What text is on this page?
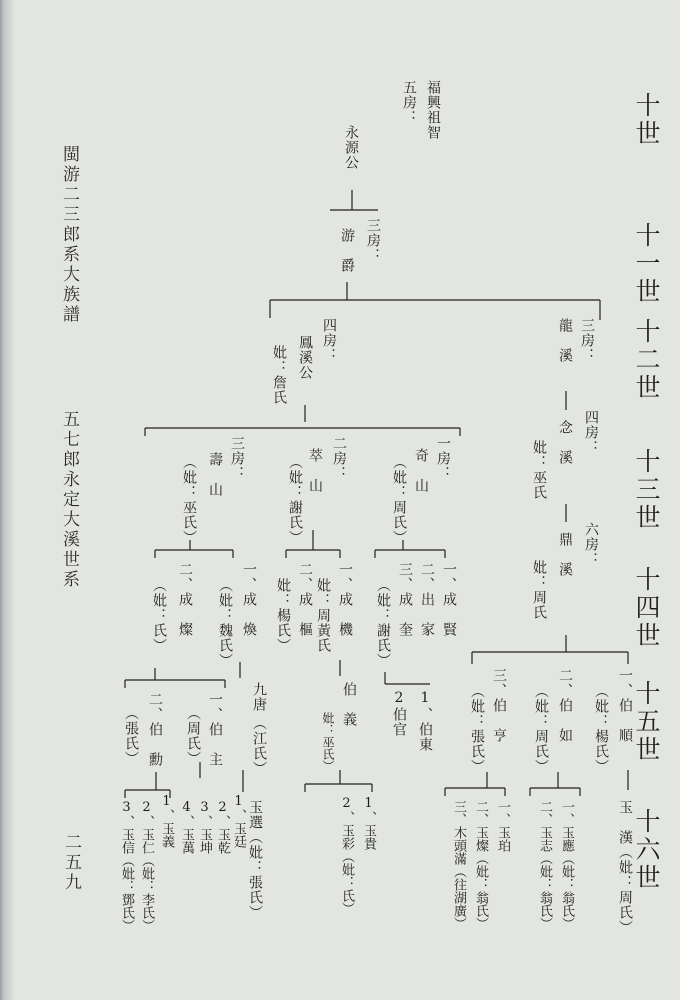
十世
十一世
十二世
十三世
十四世
十五世
十六世
閩游二三郎系大族譜
五七郎永定大溪世系
二五九
福興祖智
五房：
永源公
三房：
游　爵
四房：
鳳溪公
妣：詹氏
三房：
龍　溪
四房：
念　溪
妣：巫氏
六房：
鼎　溪
妣：周氏
三房：
壽　山
（妣：巫氏）	二房：
萃　山
（妣：謝氏）	一房：
奇　山
（妣：周氏）
二、成　燦
（妣：氏）	一、成　煥
（妣：魏氏）	二、成　樞
妣：楊氏）	一、成　機
妣：周黃氏	三、成　奎
（妣：謝氏） 二、出　家 一、成　賢
二、伯　勳
（張氏）	一、伯　主
（周氏）
九唐
（江氏）
伯　義
妣：巫氏）	2伯官 1、伯東	三、伯　亨
（妣：張氏）	二、伯　如
（妣：周氏）	一、伯　順
（妣：楊氏）
3、玉信（妣：鄧氏） 2、玉仁（妣：李氏） 1、玉義 4、玉萬 3、玉坤 2、玉乾 1、玉廷 玉選（妣：張氏）	2、玉彩（妣：氏） 1、玉貴	三、木頭滿（往湖廣） 二、玉燦（妣：翁氏） 一、玉珀 二、玉志（妣：翁氏） 一、玉應（妣：翁氏）	玉　漢（妣：周氏）
